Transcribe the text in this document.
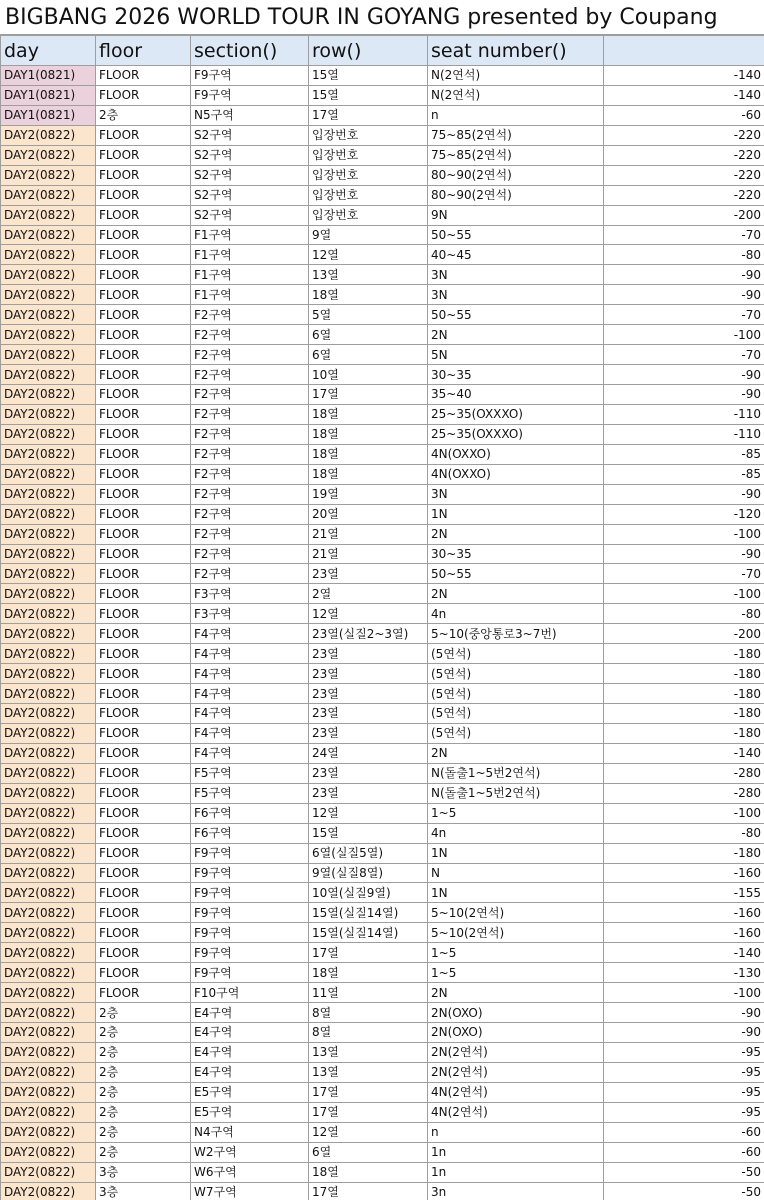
BIGBANG 2026 WORLD TOUR IN GOYANG presented by Coupang
day	floor	section()	row()	seat number()	
DAY1(0821)	FLOOR	F9구역	15열	N(2연석)	-140
DAY1(0821)	FLOOR	F9구역	15열	N(2연석)	-140
DAY1(0821)	2층	N5구역	17열	n	-60
DAY2(0822)	FLOOR	S2구역	입장번호	75~85(2연석)	-220
DAY2(0822)	FLOOR	S2구역	입장번호	75~85(2연석)	-220
DAY2(0822)	FLOOR	S2구역	입장번호	80~90(2연석)	-220
DAY2(0822)	FLOOR	S2구역	입장번호	80~90(2연석)	-220
DAY2(0822)	FLOOR	S2구역	입장번호	9N	-200
DAY2(0822)	FLOOR	F1구역	9열	50~55	-70
DAY2(0822)	FLOOR	F1구역	12열	40~45	-80
DAY2(0822)	FLOOR	F1구역	13열	3N	-90
DAY2(0822)	FLOOR	F1구역	18열	3N	-90
DAY2(0822)	FLOOR	F2구역	5열	50~55	-70
DAY2(0822)	FLOOR	F2구역	6열	2N	-100
DAY2(0822)	FLOOR	F2구역	6열	5N	-70
DAY2(0822)	FLOOR	F2구역	10열	30~35	-90
DAY2(0822)	FLOOR	F2구역	17열	35~40	-90
DAY2(0822)	FLOOR	F2구역	18열	25~35(OXXXO)	-110
DAY2(0822)	FLOOR	F2구역	18열	25~35(OXXXO)	-110
DAY2(0822)	FLOOR	F2구역	18열	4N(OXXO)	-85
DAY2(0822)	FLOOR	F2구역	18열	4N(OXXO)	-85
DAY2(0822)	FLOOR	F2구역	19열	3N	-90
DAY2(0822)	FLOOR	F2구역	20열	1N	-120
DAY2(0822)	FLOOR	F2구역	21열	2N	-100
DAY2(0822)	FLOOR	F2구역	21열	30~35	-90
DAY2(0822)	FLOOR	F2구역	23열	50~55	-70
DAY2(0822)	FLOOR	F3구역	2열	2N	-100
DAY2(0822)	FLOOR	F3구역	12열	4n	-80
DAY2(0822)	FLOOR	F4구역	23열(실질2~3열)	5~10(중앙통로3~7번)	-200
DAY2(0822)	FLOOR	F4구역	23열	(5연석)	-180
DAY2(0822)	FLOOR	F4구역	23열	(5연석)	-180
DAY2(0822)	FLOOR	F4구역	23열	(5연석)	-180
DAY2(0822)	FLOOR	F4구역	23열	(5연석)	-180
DAY2(0822)	FLOOR	F4구역	23열	(5연석)	-180
DAY2(0822)	FLOOR	F4구역	24열	2N	-140
DAY2(0822)	FLOOR	F5구역	23열	N(돌출1~5번2연석)	-280
DAY2(0822)	FLOOR	F5구역	23열	N(돌출1~5번2연석)	-280
DAY2(0822)	FLOOR	F6구역	12열	1~5	-100
DAY2(0822)	FLOOR	F6구역	15열	4n	-80
DAY2(0822)	FLOOR	F9구역	6열(실질5열)	1N	-180
DAY2(0822)	FLOOR	F9구역	9열(실질8열)	N	-160
DAY2(0822)	FLOOR	F9구역	10열(실질9열)	1N	-155
DAY2(0822)	FLOOR	F9구역	15열(실질14열)	5~10(2연석)	-160
DAY2(0822)	FLOOR	F9구역	15열(실질14열)	5~10(2연석)	-160
DAY2(0822)	FLOOR	F9구역	17열	1~5	-140
DAY2(0822)	FLOOR	F9구역	18열	1~5	-130
DAY2(0822)	FLOOR	F10구역	11열	2N	-100
DAY2(0822)	2층	E4구역	8열	2N(OXO)	-90
DAY2(0822)	2층	E4구역	8열	2N(OXO)	-90
DAY2(0822)	2층	E4구역	13열	2N(2연석)	-95
DAY2(0822)	2층	E4구역	13열	2N(2연석)	-95
DAY2(0822)	2층	E5구역	17열	4N(2연석)	-95
DAY2(0822)	2층	E5구역	17열	4N(2연석)	-95
DAY2(0822)	2층	N4구역	12열	n	-60
DAY2(0822)	2층	W2구역	6열	1n	-60
DAY2(0822)	3층	W6구역	18열	1n	-50
DAY2(0822)	3층	W7구역	17열	3n	-50
